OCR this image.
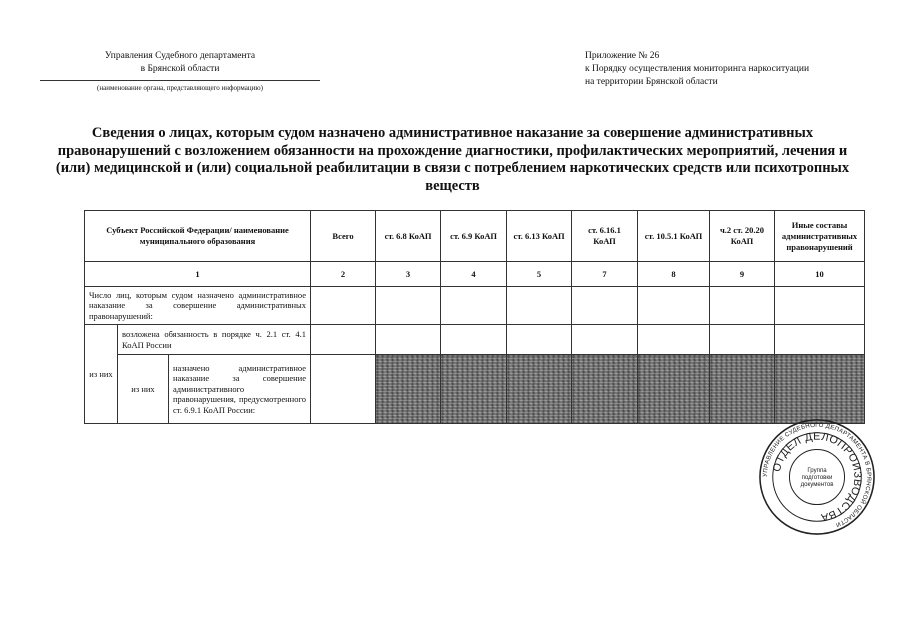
Управления Судебного департамента
в Брянской области
(наименование органа, представляющего информацию)
Приложение № 26
к Порядку осуществления мониторинга наркоситуации
на территории Брянской области
Сведения о лицах, которым судом назначено административное наказание за совершение административных правонарушений с возложением обязанности на прохождение диагностики, профилактических мероприятий, лечения и (или) медицинской и (или) социальной реабилитации в связи с потреблением наркотических средств или психотропных веществ
Субъект Российской Федерации/ наименование муниципального образования			Всего	ст. 6.8 КоАП	ст. 6.9 КоАП	ст. 6.13 КоАП	ст. 6.16.1 КоАП	ст. 10.5.1 КоАП	ч.2 ст. 20.20 КоАП	Иные составы административных правонарушений
1			2	3	4	5	7	8	9	10
Число лиц, которым судом назначено административное наказание за совершение административных правонарушений:										
из них	возложена обязанность в порядке ч. 2.1 ст. 4.1 КоАП России									
	из них	назначено административное наказание за совершение административного правонарушения, предусмотренного ст. 6.9.1 КоАП России:								
УПРАВЛЕНИЕ СУДЕБНОГО ДЕПАРТАМЕНТА В БРЯНСКОЙ ОБЛАСТИ
ОТДЕЛ ДЕЛОПРОИЗВОДСТВА
Группа
подготовки
документов
